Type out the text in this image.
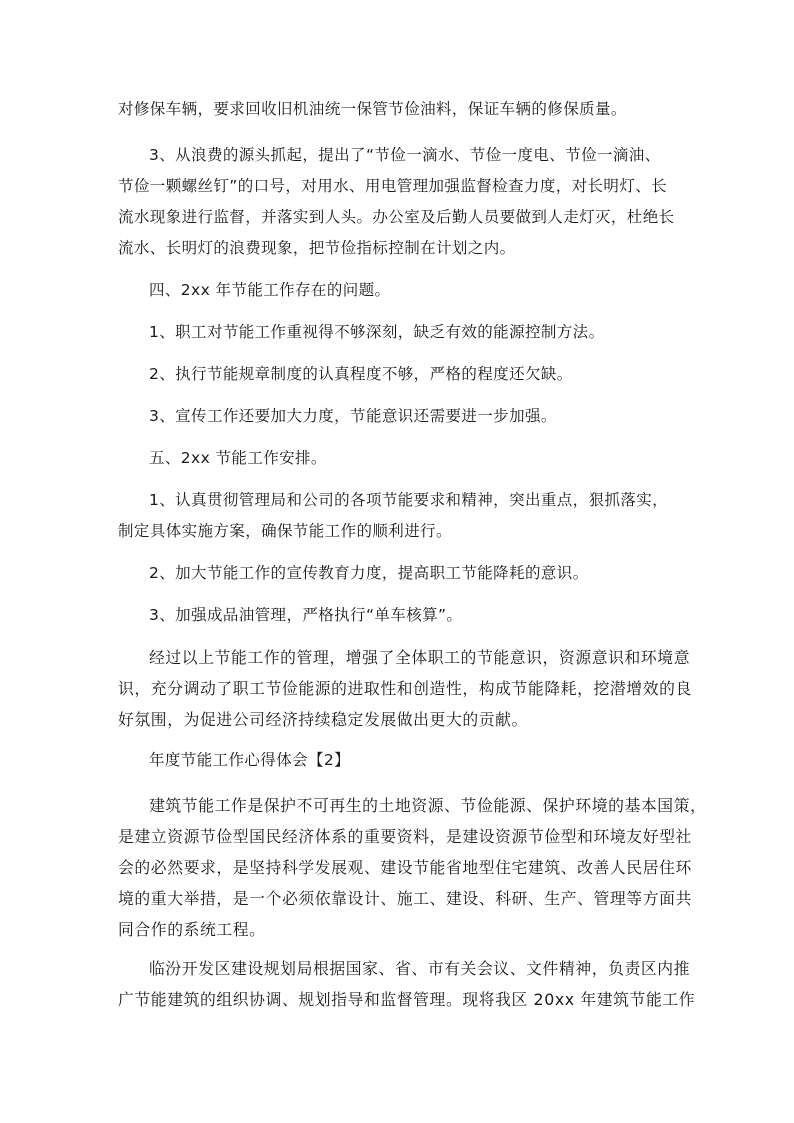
对修保车辆，要求回收旧机油统一保管节俭油料，保证车辆的修保质量。
3、从浪费的源头抓起，提出了“节俭一滴水、节俭一度电、节俭一滴油、
节俭一颗螺丝钉”的口号，对用水、用电管理加强监督检查力度，对长明灯、长
流水现象进行监督，并落实到人头。办公室及后勤人员要做到人走灯灭，杜绝长
流水、长明灯的浪费现象，把节俭指标控制在计划之内。
四、2xx 年节能工作存在的问题。
1、职工对节能工作重视得不够深刻，缺乏有效的能源控制方法。
2、执行节能规章制度的认真程度不够，严格的程度还欠缺。
3、宣传工作还要加大力度，节能意识还需要进一步加强。
五、2xx 节能工作安排。
1、认真贯彻管理局和公司的各项节能要求和精神，突出重点，狠抓落实，
制定具体实施方案，确保节能工作的顺利进行。
2、加大节能工作的宣传教育力度，提高职工节能降耗的意识。
3、加强成品油管理，严格执行“单车核算”。
经过以上节能工作的管理，增强了全体职工的节能意识，资源意识和环境意
识，充分调动了职工节俭能源的进取性和创造性，构成节能降耗，挖潜增效的良
好氛围，为促进公司经济持续稳定发展做出更大的贡献。
年度节能工作心得体会【2】
建筑节能工作是保护不可再生的土地资源、节俭能源、保护环境的基本国策，
是建立资源节俭型国民经济体系的重要资料，是建设资源节俭型和环境友好型社
会的必然要求，是坚持科学发展观、建设节能省地型住宅建筑、改善人民居住环
境的重大举措，是一个必须依靠设计、施工、建设、科研、生产、管理等方面共
同合作的系统工程。
临汾开发区建设规划局根据国家、省、市有关会议、文件精神，负责区内推
广节能建筑的组织协调、规划指导和监督管理。现将我区 20xx 年建筑节能工作
